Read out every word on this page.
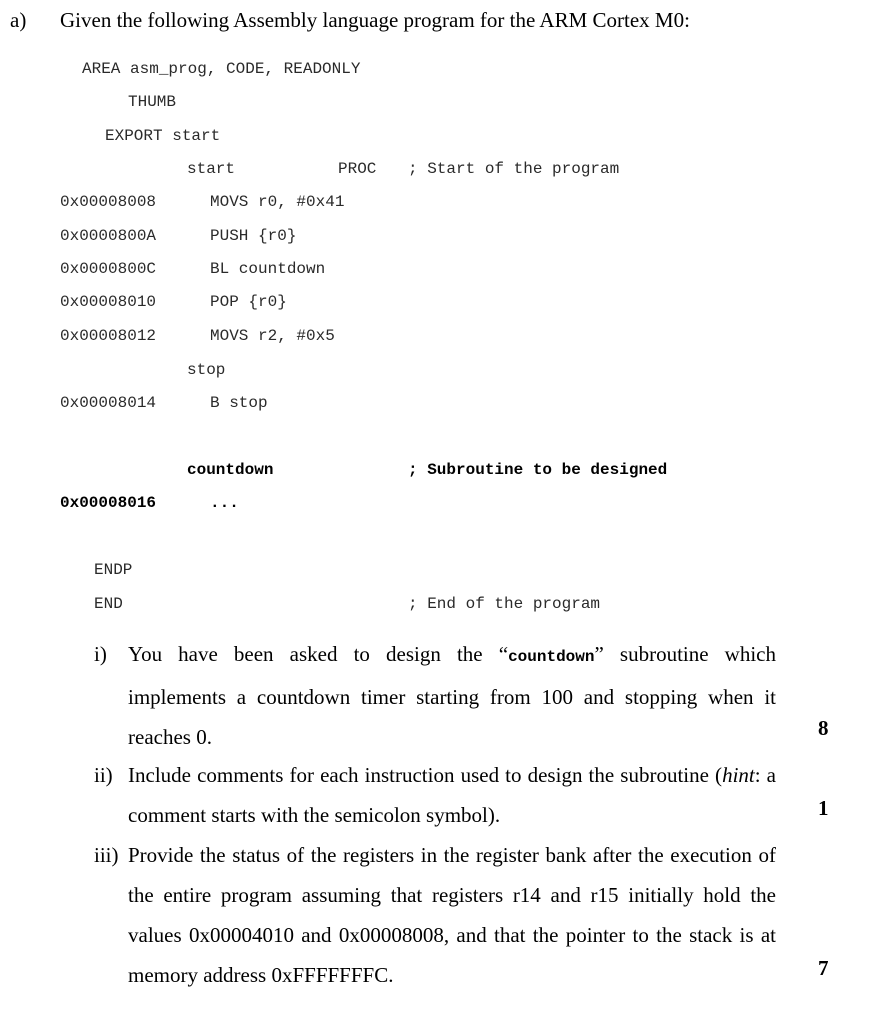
a) Given the following Assembly language program for the ARM Cortex M0:
AREA asm_prog, CODE, READONLY
THUMB
EXPORT start
start	PROC ; Start of the program
0x00008008	MOVS r0, #0x41
0x0000800A	PUSH {r0}
0x0000800C	BL countdown
0x00008010	POP {r0}
0x00008012	MOVS r2, #0x5
stop
0x00008014	B stop
countdown	; Subroutine to be designed
0x00008016	...
ENDP
END	; End of the program
i) You have been asked to design the “countdown” subroutine which implements a countdown timer starting from 100 and stopping when it reaches 0.	8
ii) Include comments for each instruction used to design the subroutine (hint: a comment starts with the semicolon symbol).	1
iii) Provide the status of the registers in the register bank after the execution of the entire program assuming that registers r14 and r15 initially hold the values 0x00004010 and 0x00008008, and that the pointer to the stack is at memory address 0xFFFFFFFC.	7
